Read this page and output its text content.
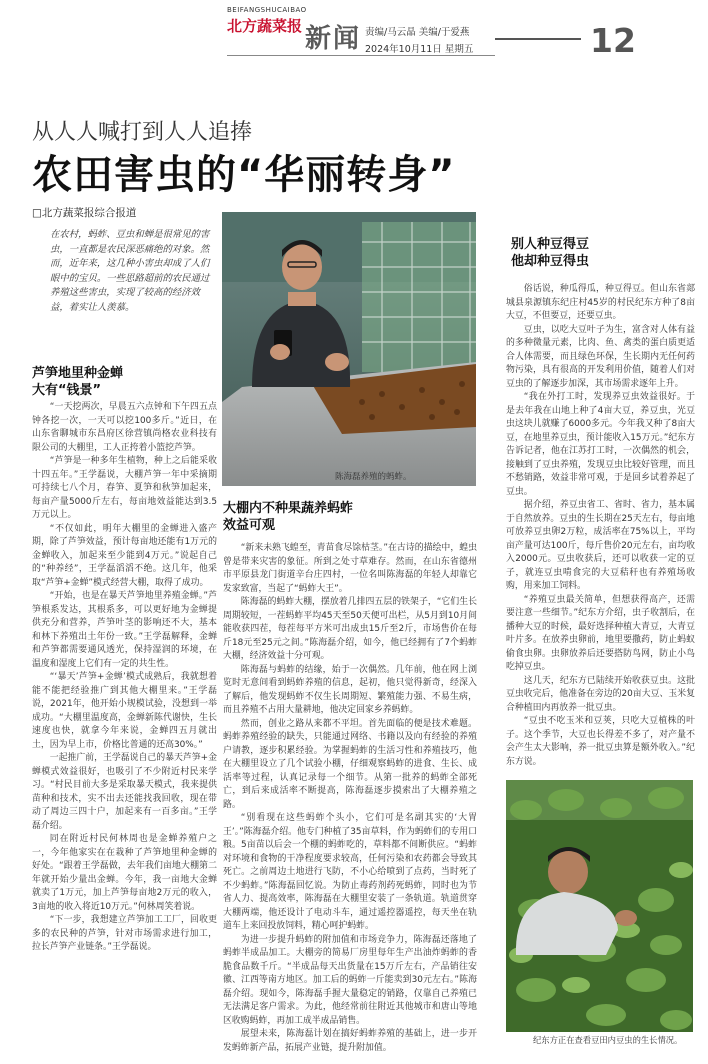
BEIFANGSHUCAIBAO
北方蔬菜报 新闻 责编/马云晶 美编/于爱燕
2024年10月11日 星期五	12
从人人喊打到人人追捧
农田害虫的“华丽转身”
□北方蔬菜报综合报道
在农村，蚂蚱、豆虫和蝉是很常见的害虫，一直都是农民深恶痛绝的对象。然而，近年来，这几种小害虫却成了人们眼中的宝贝。一些思路超前的农民通过养殖这些害虫，实现了较高的经济效益，着实让人羡慕。
芦笋地里种金蝉
大有“钱景”

“一天挖两次，早晨五六点钟和下午四五点钟各挖一次，一天可以挖100多斤。”近日，在山东省聊城市东昌府区徐营镇尚格农业科技有限公司的大棚里，工人正挎着小篮挖芦笋。

“芦笋是一种多年生植物，种上之后能采收十四五年。”王学磊说，大棚芦笋一年中采摘期可持续七八个月，春笋、夏笋和秋笋加起来，每亩产量5000斤左右，每亩地效益能达到3.5万元以上。

“不仅如此，明年大棚里的金蝉进入盛产期，除了芦笋效益，预计每亩地还能有1万元的金蝉收入，加起来至少能到4万元。”说起自己的“种养经”，王学磊滔滔不绝。这几年，他采取“芦笋+金蝉”模式经营大棚，取得了成功。

“开始，也是在暴天芦笋地里养殖金蝉。”芦笋根系发达，其根系多，可以更好地为金蝉提供充分和营养，芦笋叶茎的影响还不大，基本和林下养殖出土年份一致。”王学磊解释，金蝉和芦笋都需要通风透光，保持湿润的环境，在温度和湿度上它们有一定的共生性。

“‘暴天’芦笋+金蝉’模式成熟后，我就想着能不能把经验推广到其他大棚里来。”王学磊说，2021年，他开始小规模试验，没想到一举成功。“大棚里温度高，金蝉新陈代谢快，生长速度也快，就拿今年来说，金蝉四五月就出土，因为早上市，价格比普通的还高30%。”

一起推广前，王学磊说自己的暴天芦笋+金蝉模式效益很好，也吸引了不少附近村民来学习。“村民目前大多是采取暴天模式，我来提供苗种和技术，实不出去还能找我回收，现在带动了周边三四十户，加起来有一百多亩。”王学磊介绍。

同在附近村民何林周也是金蝉养殖户之一，今年他家实在在栽种了芦笋地里种金蝉的好处。“跟着王学磊做，去年我们亩地大棚第二年就开始少量出金蝉。今年，我一亩地大金蝉就卖了1万元，加上芦笋每亩地2万元的收入，3亩地的收入将近10万元。”何林周笑着说。

“下一步，我想建立芦笋加工工厂，回收更多的农民种的芦笋，针对市场需求进行加工，拉长芦笋产业链条。”王学磊说。

陈海磊养殖的蚂蚱。
大棚内不种果蔬养蚂蚱
效益可观

“新来未熟飞蝗至，青苗食尽馀枯茎。”在古诗的描绘中，蝗虫曾是带来灾害的象征。所到之处寸草难存。然而，在山东省德州市平原县龙门街道辛台庄四村，一位名叫陈海磊的年轻人却靠它发家致富，当起了“蚂蚱大王”。

陈海磊的蚂蚱大棚，摆放着几排四五层的铁架子，“它们生长周期较短，一茬蚂蚱平均45天至50天便可出栏，从5月到10月间能收获四茬，每茬每平方米可出成虫15斤至2斤，市场售价在每斤18元至25元之间。”陈海磊介绍，如今，他已经拥有了7个蚂蚱大棚，经济效益十分可观。

陈海磊与蚂蚱的结缘，始于一次偶然。几年前，他在网上浏览时无意间看到蚂蚱养殖的信息，起初，他只觉得新奇，经深入了解后，他发现蚂蚱不仅生长周期短、繁殖能力强、不易生病，而且养殖不占用大量耕地，他决定回家乡养蚂蚱。

然而，创业之路从来都不平坦。首先面临的便是技术难题。蚂蚱养殖经验的缺失，只能通过网络、书籍以及向有经验的养殖户请教，逐步积累经验。为掌握蚂蚱的生活习性和养殖技巧，他在大棚里设立了几个试验小棚，仔细观察蚂蚱的进食、生长、成活率等过程，认真记录每一个细节。从第一批养的蚂蚱全部死亡，到后来成活率不断提高，陈海磊逐步摸索出了大棚养殖之路。

“别看现在这些蚂蚱个头小，它们可是名副其实的‘大胃王’。”陈海磊介绍。他专门种植了35亩草料，作为蚂蚱们的专用口粮。5亩苗以后会一个棚的蚂蚱吃的，草料都不间断供应。“蚂蚱对环境和食物的干净程度要求较高，任何污染和农药都会导致其死亡。之前周边土地进行飞防，不小心给喷到了点药，当时死了不少蚂蚱。”陈海磊回忆说。为防止毒药剂药死蚂蚱，同时也为节省人力、提高效率，陈海磊在大棚里安装了一条轨道。轨道贯穿大棚两端，他还设计了电动斗车，通过遥控器遥控，每天坐在轨道车上来回投放饲料，精心呵护蚂蚱。

为进一步提升蚂蚱的附加值和市场竞争力，陈海磊还落地了蚂蚱半成品加工。大棚旁的简易厂房里每年生产出油炸蚂蚱的香脆食品数千斤。“半成品每天出货量在15万斤左右，产品销往安徽、江西等南方地区。加工后的蚂蚱一斤能卖到30元左右。”陈海磊介绍。现如今，陈海磊手握大量稳定的销路，仅靠自己养殖已无法满足客户需求。为此，他经常前往附近其他城市和唐山等地区收购蚂蚱，再加工成半成品销售。

展望未来，陈海磊计划在搞好蚂蚱养殖的基础上，进一步开发蚂蚱新产品，拓展产业链，提升附加值。

别人种豆得豆
他却种豆得虫

俗话说，种瓜得瓜，种豆得豆。但山东省郯城县泉源镇东纪庄村45岁的村民纪东方种了8亩大豆，不但要豆，还要豆虫。

豆虫，以吃大豆叶子为生，富含对人体有益的多种微量元素，比肉、鱼、禽类的蛋白质更适合人体需要，而且绿色环保，生长期内无任何药物污染，具有很高的开发利用价值，随着人们对豆虫的了解逐步加深，其市场需求逐年上升。

“我在外打工时，发现养豆虫效益很好。于是去年我在山地上种了4亩大豆，养豆虫，光豆虫这块儿就赚了6000多元。今年我又种了8亩大豆，在地里养豆虫，预计能收入15万元。”纪东方告诉记者，他在江苏打工时，一次偶然的机会，接触到了豆虫养殖，发现豆虫比较好管理，而且不愁销路，效益非常可观，于是回乡试着养起了豆虫。

据介绍，养豆虫省工、省时、省力，基本属于自然放养。豆虫的生长期在25天左右，每亩地可放养豆虫卵2万粒，成活率在75%以上，平均亩产量可达100斤，每斤售价20元左右，亩均收入2000元。豆虫收获后，还可以收获一定的豆子，就连豆虫啃食完的大豆秸秆也有养殖场收购，用来加工饲料。

“养殖豆虫最关简单，但想获得高产，还需要注意一些细节。”纪东方介绍，虫子收割后，在播种大豆的时候，最好选择种植大青豆，大青豆叶片多。在放养虫卵前，地里要撒药，防止蚂蚁偷食虫卵。虫卵放养后还要搭防鸟网，防止小鸟吃掉豆虫。

这几天，纪东方已陆续开始收获豆虫。这批豆虫收完后，他准备在旁边的20亩大豆、玉米复合种植田内再放养一批豆虫。

“豆虫不吃玉米和豆荚，只吃大豆植株的叶子。这个季节，大豆也长得差不多了，对产量不会产生太大影响，养一批豆虫算是额外收入。”纪东方说。

纪东方正在查看豆田内豆虫的生长情况。
